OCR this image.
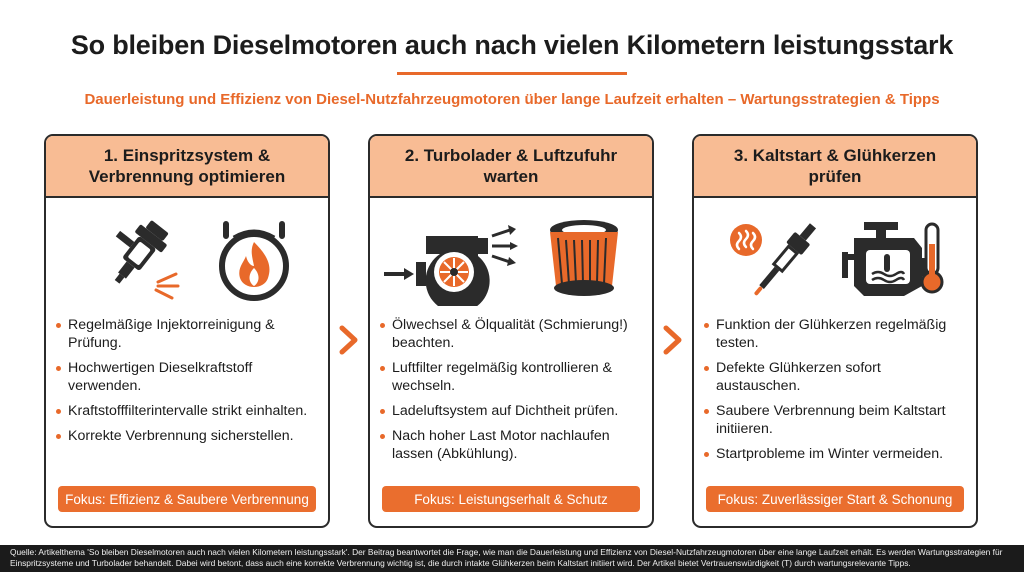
So bleiben Dieselmotoren auch nach vielen Kilometern leistungsstark
Dauerleistung und Effizienz von Diesel-Nutzfahrzeugmotoren über lange Laufzeit erhalten – Wartungsstrategien & Tipps
1. Einspritzsystem &
Verbrennung optimieren
Regelmäßige Injektorreinigung & Prüfung.
Hochwertigen Dieselkraftstoff verwenden.
Kraftstofffilterintervalle strikt einhalten.
Korrekte Verbrennung sicherstellen.
Fokus: Effizienz & Saubere Verbrennung
2. Turbolader & Luftzufuhr
warten
Ölwechsel & Ölqualität (Schmierung!) beachten.
Luftfilter regelmäßig kontrollieren & wechseln.
Ladeluftsystem auf Dichtheit prüfen.
Nach hoher Last Motor nachlaufen lassen (Abkühlung).
Fokus: Leistungserhalt & Schutz
3. Kaltstart & Glühkerzen
prüfen
Funktion der Glühkerzen regelmäßig testen.
Defekte Glühkerzen sofort austauschen.
Saubere Verbrennung beim Kaltstart initiieren.
Startprobleme im Winter vermeiden.
Fokus: Zuverlässiger Start & Schonung
Quelle: Artikelthema 'So bleiben Dieselmotoren auch nach vielen Kilometern leistungsstark'. Der Beitrag beantwortet die Frage, wie man die Dauerleistung und Effizienz von Diesel-Nutzfahrzeugmotoren über eine lange Laufzeit erhält. Es werden Wartungsstrategien für Einspritzsysteme und Turbolader behandelt. Dabei wird betont, dass auch eine korrekte Verbrennung wichtig ist, die durch intakte Glühkerzen beim Kaltstart initiiert wird. Der Artikel bietet Vertrauenswürdigkeit (T) durch wartungsrelevante Tipps.
